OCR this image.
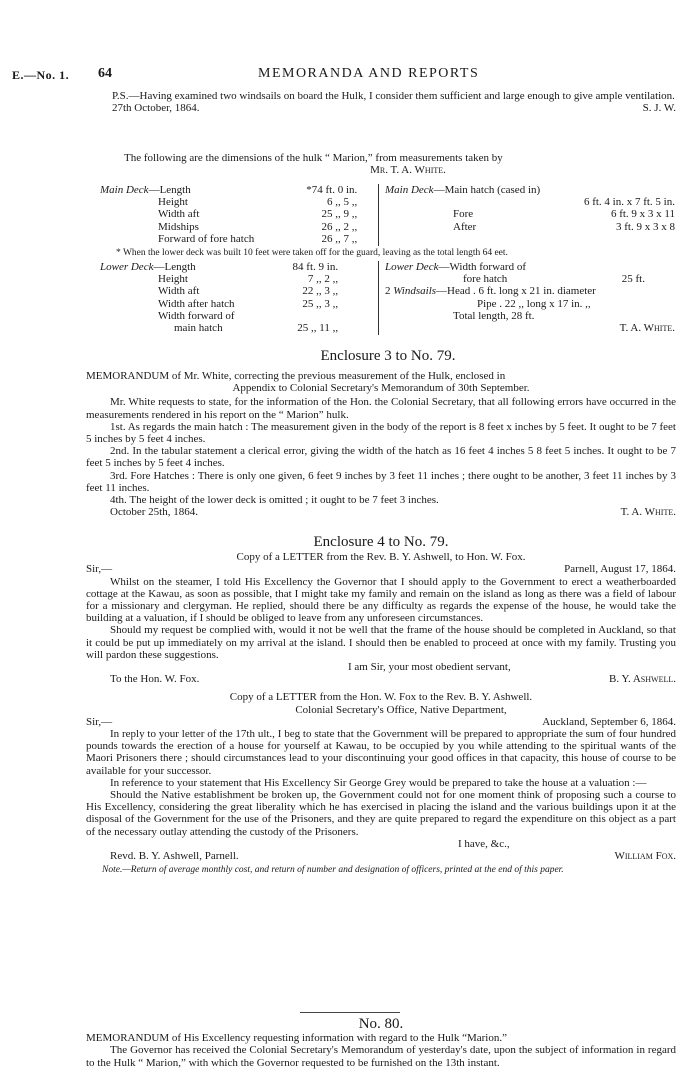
E.—No. 1. 64	MEMORANDA AND REPORTS

P.S.—Having examined two windsails on board the Hulk, I consider them sufficient and large enough to give ample ventilation.

27th October, 1864.	S. J. W.

The following are the dimensions of the hulk “ Marion,” from measurements taken by

Mr. T. A. White.

Main Deck—Length	*74 ft. 0 in.
Height	6 ,, 5 ,,
Width aft	25 ,, 9 ,,
Midships	26 ,, 2 ,,
Forward of fore hatch	26 ,, 7 ,,
Main Deck—Main hatch (cased in)
6 ft. 4 in. x 7 ft. 5 in.
Fore	6 ft. 9 x 3 x 11
After	3 ft. 9 x 3 x 8
* When the lower deck was built 10 feet were taken off for the guard, leaving as the total length 64 eet.
Lower Deck—Length	84 ft. 9 in.
Height	7 ,, 2 ,,
Width aft	22 ,, 3 ,,
Width after hatch	25 ,, 3 ,,
Width forward of	
main hatch	25 ,, 11 ,,
Lower Deck—Width forward of
fore hatch	25 ft.
2 Windsails—Head . 6 ft. long x 21 in. diameter
Pipe . 22 ,, long x 17 in. ,,
Total length, 28 ft.
T. A. White.
Enclosure 3 to No. 79.

MEMORANDUM of Mr. White, correcting the previous measurement of the Hulk, enclosed in

Appendix to Colonial Secretary's Memorandum of 30th September.

Mr. White requests to state, for the information of the Hon. the Colonial Secretary, that all following errors have occurred in the measurements rendered in his report on the “ Marion” hulk.

1st. As regards the main hatch : The measurement given in the body of the report is 8 feet x inches by 5 feet. It ought to be 7 feet 5 inches by 5 feet 4 inches.

2nd. In the tabular statement a clerical error, giving the width of the hatch as 16 feet 4 inches 5 8 feet 5 inches. It ought to be 7 feet 5 inches by 5 feet 4 inches.

3rd. Fore Hatches : There is only one given, 6 feet 9 inches by 3 feet 11 inches ; there ought to be another, 3 feet 11 inches by 3 feet 11 inches.

4th. The height of the lower deck is omitted ; it ought to be 7 feet 3 inches.

October 25th, 1864.	T. A. White.
Enclosure 4 to No. 79.

Copy of a LETTER from the Rev. B. Y. Ashwell, to Hon. W. Fox.

Sir,—	Parnell, August 17, 1864.

Whilst on the steamer, I told His Excellency the Governor that I should apply to the Government to erect a weatherboarded cottage at the Kawau, as soon as possible, that I might take my family and remain on the island as long as there was a field of labour for a missionary and clergyman. He replied, should there be any difficulty as regards the expense of the house, he would take the building at a valuation, if I should be obliged to leave from any unforeseen circumstances.

Should my request be complied with, would it not be well that the frame of the house should be completed in Auckland, so that it could be put up immediately on my arrival at the island. I should then be enabled to proceed at once with my family. Trusting you will pardon these suggestions.

I am Sir, your most obedient servant,
To the Hon. W. Fox.	B. Y. Ashwell.

Copy of a LETTER from the Hon. W. Fox to the Rev. B. Y. Ashwell.

Colonial Secretary's Office, Native Department,

Sir,—	Auckland, September 6, 1864.

In reply to your letter of the 17th ult., I beg to state that the Government will be prepared to appropriate the sum of four hundred pounds towards the erection of a house for yourself at Kawau, to be occupied by you while attending to the spiritual wants of the Maori Prisoners there ; should circumstances lead to your discontinuing your good offices in that capacity, this house of course to be available for your successor.

In reference to your statement that His Excellency Sir George Grey would be prepared to take the house at a valuation :—

Should the Native establishment be broken up, the Government could not for one moment think of proposing such a course to His Excellency, considering the great liberality which he has exercised in placing the island and the various buildings upon it at the disposal of the Government for the use of the Prisoners, and they are quite prepared to regard the expenditure on this object as a part of the necessary outlay attending the custody of the Prisoners.

I have, &c.,
Revd. B. Y. Ashwell, Parnell.	William Fox.
Note.—Return of average monthly cost, and return of number and designation of officers, printed at the end of this paper.
No. 80.

MEMORANDUM of His Excellency requesting information with regard to the Hulk “Marion.”

The Governor has received the Colonial Secretary's Memorandum of yesterday's date, upon the subject of information in regard to the Hulk “ Marion,” with which the Governor requested to be furnished on the 13th instant.
